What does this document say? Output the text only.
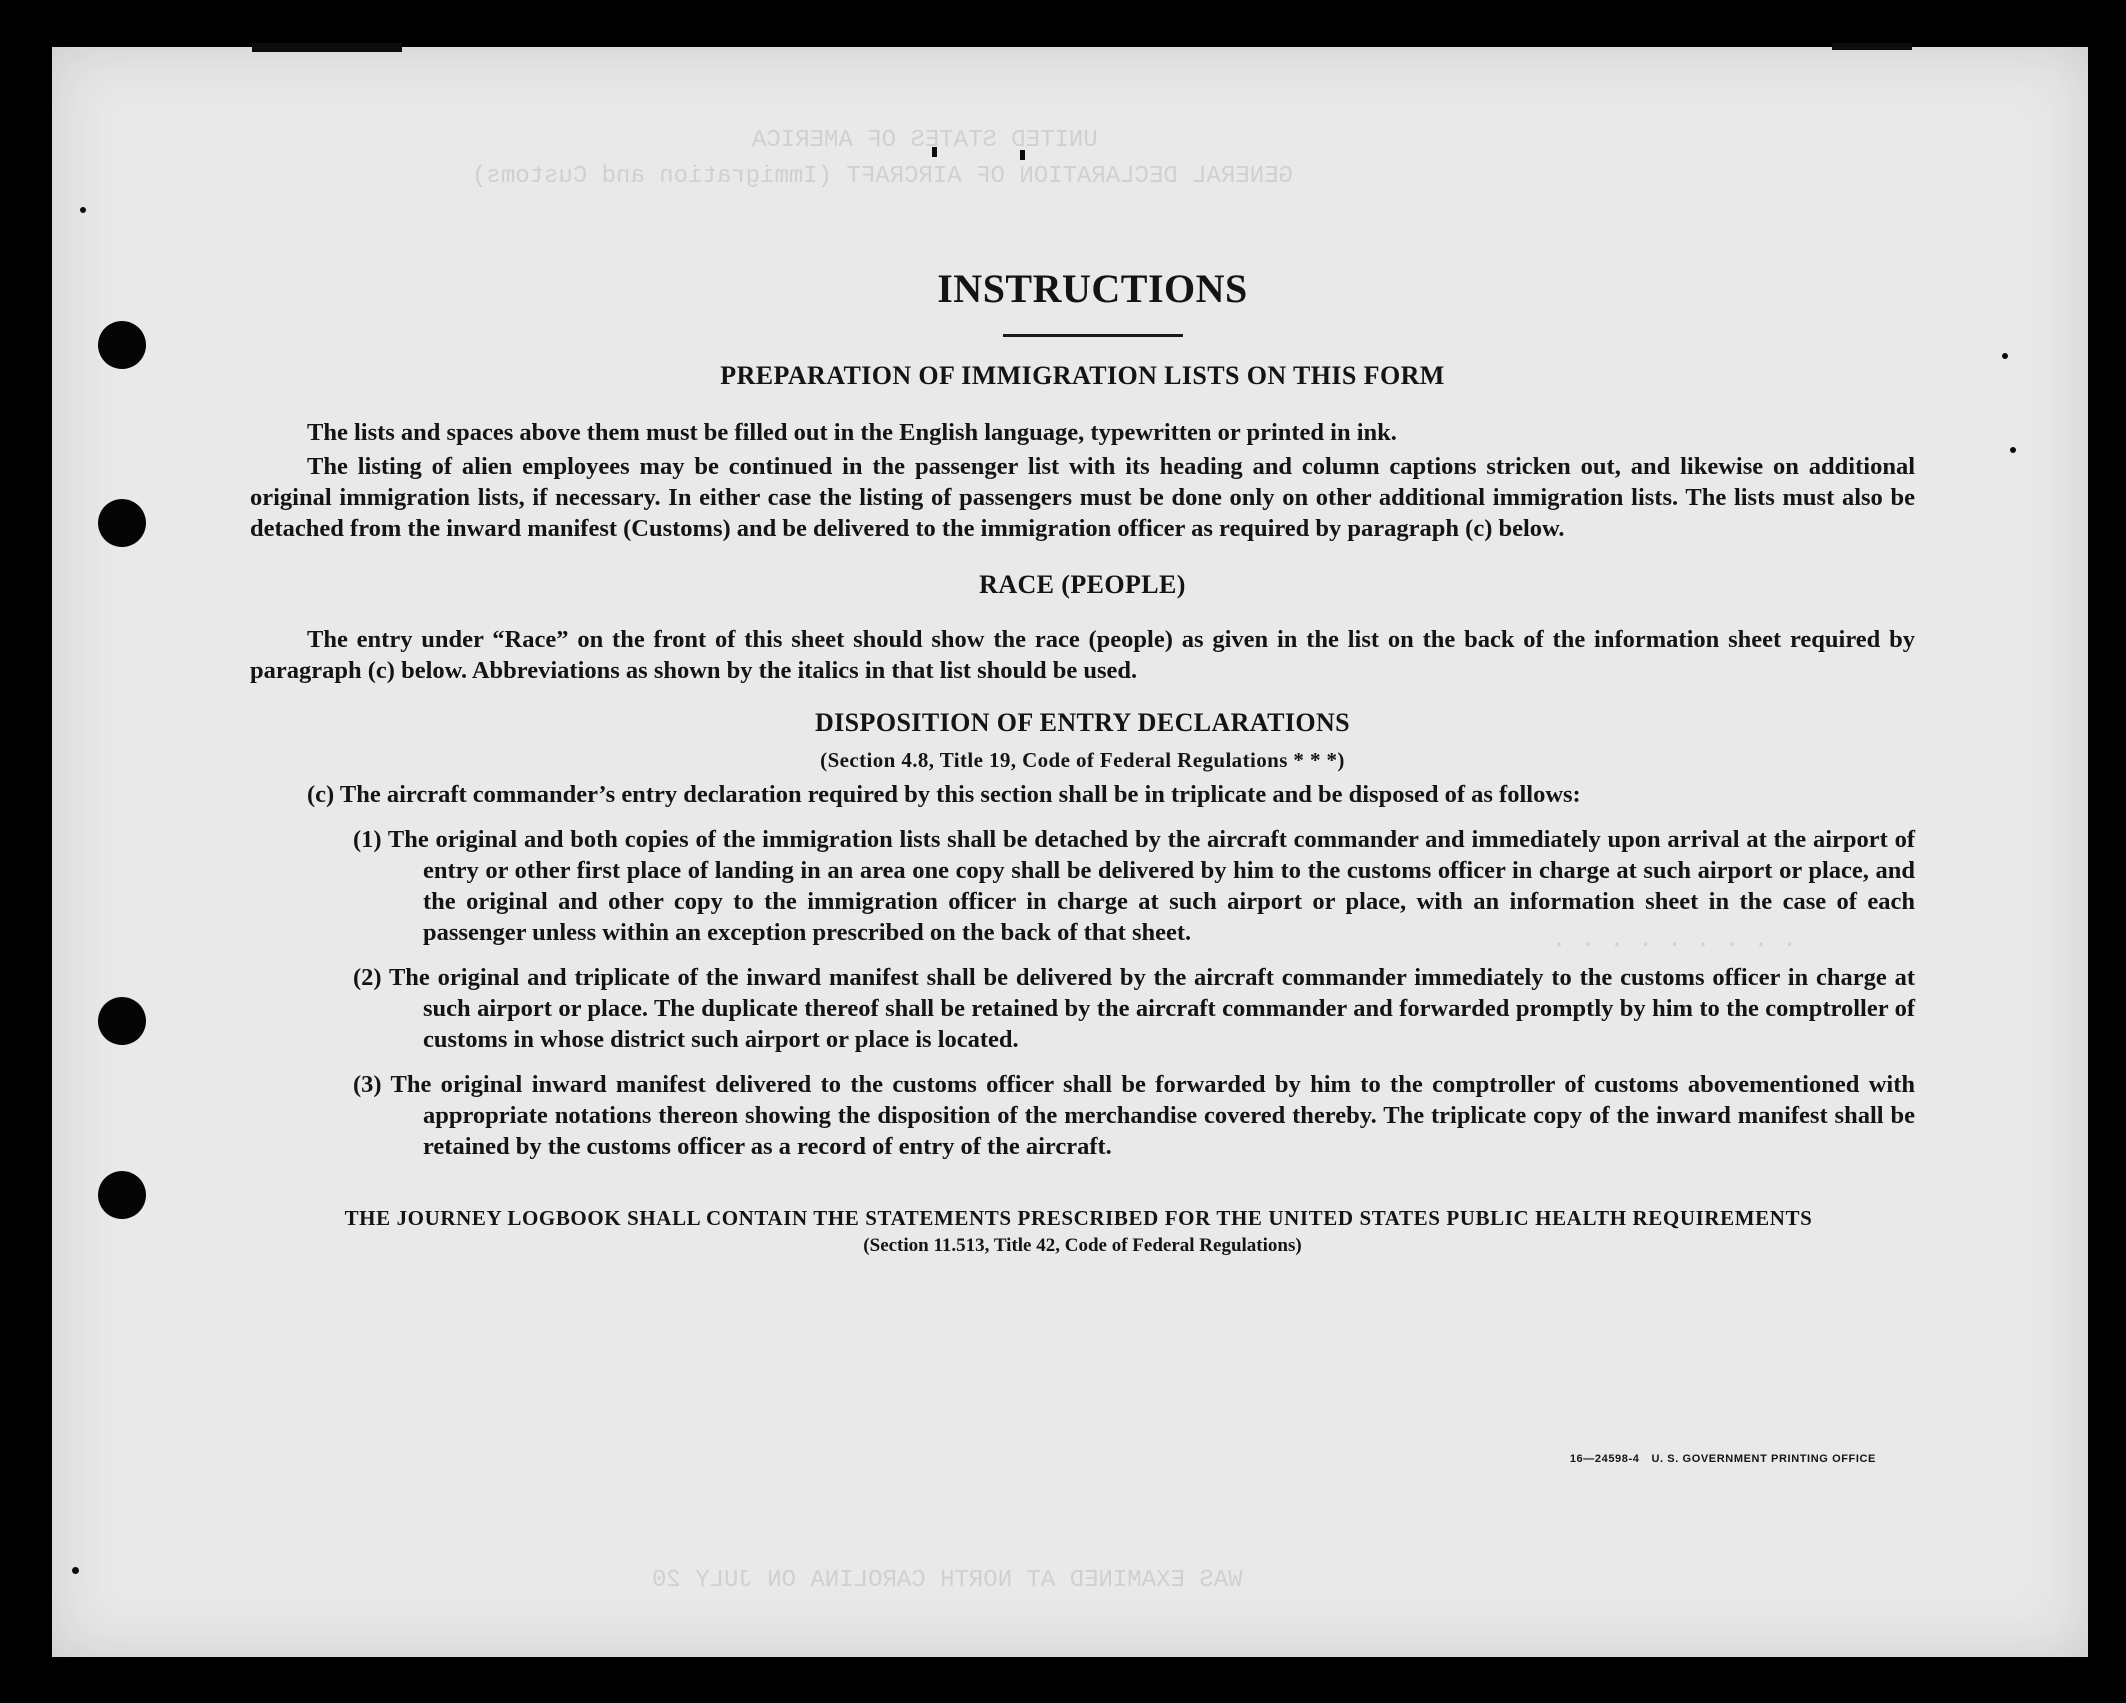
UNITED STATES OF AMERICA
GENERAL DECLARATION OF AIRCRAFT (Immigration and Customs)
. . . . . . . . .
WAS EXAMINED AT NORTH CAROLINA ON JULY 20
INSTRUCTIONS
PREPARATION OF IMMIGRATION LISTS ON THIS FORM

The lists and spaces above them must be filled out in the English language, typewritten or printed in ink.

The listing of alien employees may be continued in the passenger list with its heading and column captions stricken out, and likewise on additional original immigration lists, if necessary. In either case the listing of passengers must be done only on other additional immigration lists. The lists must also be detached from the inward manifest (Customs) and be delivered to the immigration officer as required by paragraph (c) below.

RACE (PEOPLE)

The entry under “Race” on the front of this sheet should show the race (people) as given in the list on the back of the information sheet required by paragraph (c) below. Abbreviations as shown by the italics in that list should be used.

DISPOSITION OF ENTRY DECLARATIONS
(Section 4.8, Title 19, Code of Federal Regulations * * *)
(c) The aircraft commander’s entry declaration required by this section shall be in triplicate and be disposed of as follows:
(1) The original and both copies of the immigration lists shall be detached by the aircraft commander and immediately upon arrival at the airport of entry or other first place of landing in an area one copy shall be delivered by him to the customs officer in charge at such airport or place, and the original and other copy to the immigration officer in charge at such airport or place, with an information sheet in the case of each passenger unless within an exception prescribed on the back of that sheet.
(2) The original and triplicate of the inward manifest shall be delivered by the aircraft commander immediately to the customs officer in charge at such airport or place. The duplicate thereof shall be retained by the aircraft commander and forwarded promptly by him to the comptroller of customs in whose district such airport or place is located.
(3) The original inward manifest delivered to the customs officer shall be forwarded by him to the comptroller of customs abovementioned with appropriate notations thereon showing the disposition of the merchandise covered thereby. The triplicate copy of the inward manifest shall be retained by the customs officer as a record of entry of the aircraft.
THE JOURNEY LOGBOOK SHALL CONTAIN THE STATEMENTS PRESCRIBED FOR THE UNITED STATES PUBLIC HEALTH REQUIREMENTS
(Section 11.513, Title 42, Code of Federal Regulations)
16—24598-4 U. S. GOVERNMENT PRINTING OFFICE
